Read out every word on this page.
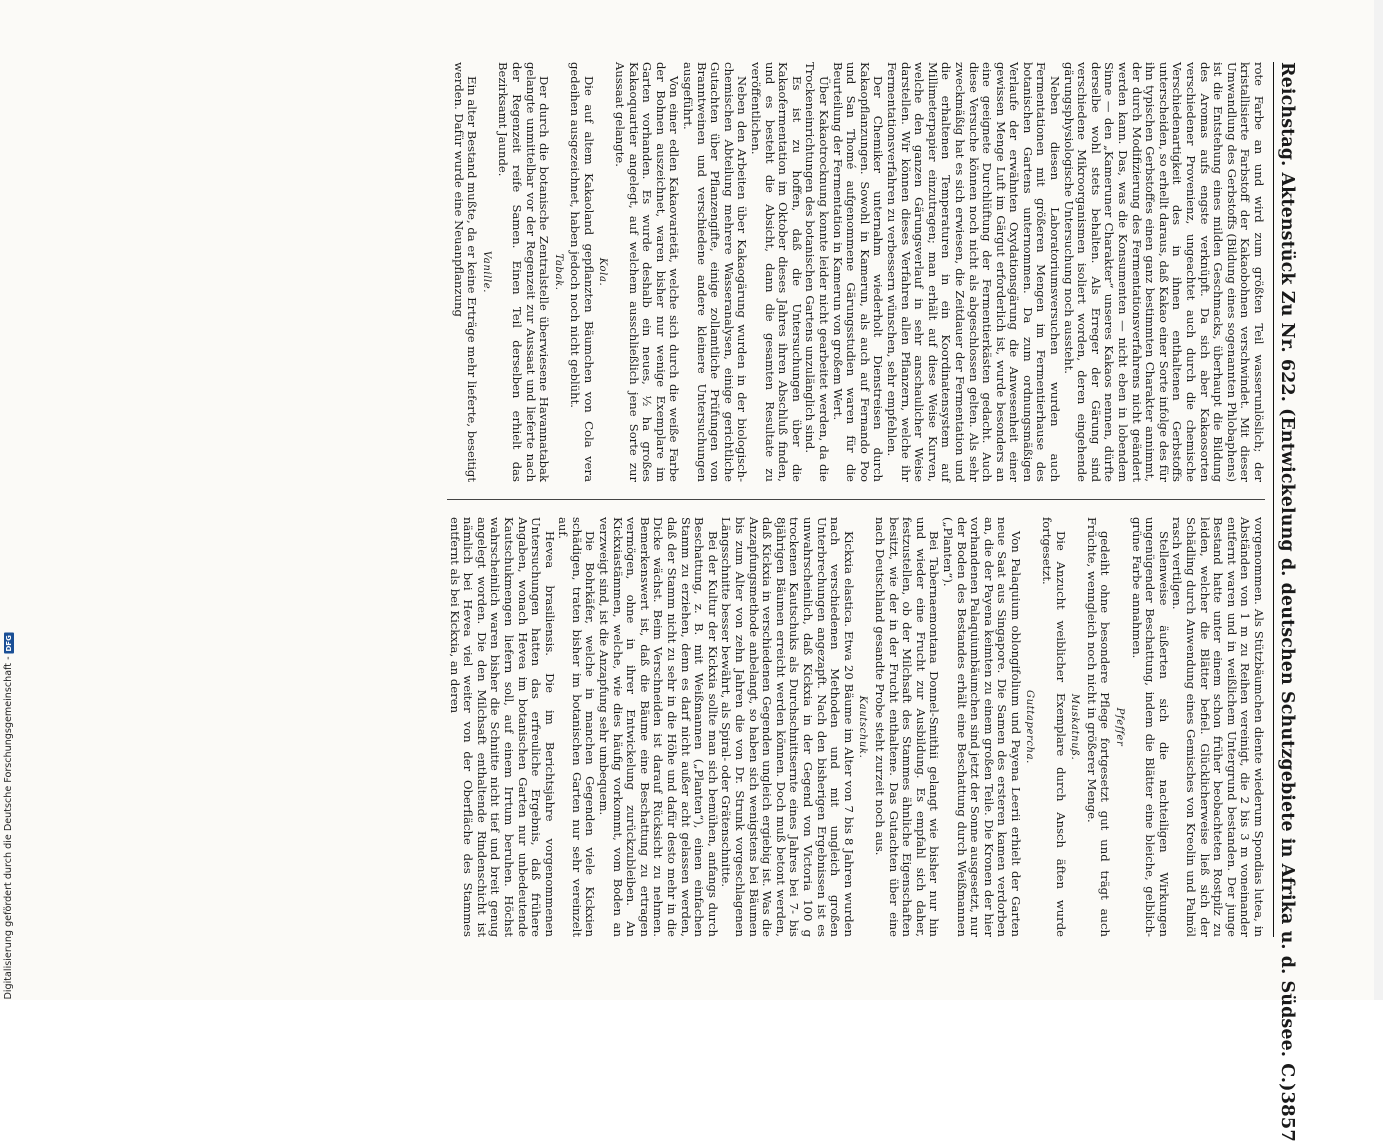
Reichstag. Aktenstück Zu Nr. 622. (Entwickelung d. deutschen Schutzgebiete in Afrika u. d. Südsee. C.)
3857

rote Farbe an und wird zum größten Teil wasserunlöslich; der kristallisierte Farbstoff der Kakaobohnen verschwindet. Mit dieser Umwandlung des Gerbstoffs (Bildung eines sogenannten Phlobaphens) ist die Entstehung eines milden Geschmacks, überhaupt die Bildung des Aromas aufs engste verknüpft. Da sich aber Kakaosorten verschiedener Provenienz, ungeachtet auch durch die chemische Verschiedenartigkeit des in ihnen enthaltenen Gerbstoffs unterscheiden, so erhellt daraus, daß Kakao einer Sorte infolge des für ihn typischen Gerbstoffes einen ganz bestimmten Charakter annimmt, der durch Modifizierung des Fermentationsverfahrens nicht geändert werden kann. Das, was die Konsumenten — nicht eben in lobendem Sinne — den „Kameruner Charakter“ unseres Kakaos nennen, dürfte derselbe wohl stets behalten. Als Erreger der Gärung sind verschiedene Mikroorganismen isoliert worden, deren eingehende gärungsphysiologische Untersuchung noch aussteht.

Neben diesen Laboratoriumsversuchen wurden auch Fermentationen mit größeren Mengen im Fermentierhause des botanischen Gartens unternommen. Da zum ordnungsmäßigen Verlaufe der erwähnten Oxydationsgärung die Anwesenheit einer gewissen Menge Luft im Gärgut erforderlich ist, wurde besonders an eine geeignete Durchlüftung der Fermentierkästen gedacht. Auch diese Versuche können noch nicht als abgeschlossen gelten. Als sehr zweckmäßig hat es sich erwiesen, die Zeitdauer der Fermentation und die erhaltenen Temperaturen in ein Koordinatensystem auf Millimeterpapier einzutragen; man erhält auf diese Weise Kurven, welche den ganzen Gärungsverlauf in sehr anschaulicher Weise darstellen. Wir können dieses Verfahren allen Pflanzern, welche ihr Fermentationsverfahren zu verbessern wünschen, sehr empfehlen.

Der Chemiker unternahm wiederholt Dienstreisen durch Kakaopflanzungen. Sowohl in Kamerun, als auch auf Fernando Poo und San Thomé aufgenommene Gärungsstudien waren für die Beurteilung der Fermentation in Kamerun von großem Wert.

Über Kakaotrocknung konnte leider nicht gearbeitet werden, da die Trockeneinrichtungen des botanischen Gartens unzulänglich sind.

Es ist zu hoffen, daß die Untersuchungen über die Kakaofermentation im Oktober dieses Jahres ihren Abschluß finden, und es besteht die Absicht, dann die gesamten Resultate zu veröffentlichen.

Neben den Arbeiten über Kakaogärung wurden in der biologisch-chemischen Abteilung mehrere Wasseranalysen, einige gerichtliche Gutachten über Pflanzengifte, einige zollamtliche Prüfungen von Branntweinen und verschiedene andere kleinere Untersuchungen ausgeführt.

Von einer edlen Kakaovarietät, welche sich durch die weiße Farbe der Bohnen auszeichnet, waren bisher nur wenige Exemplare im Garten vorhanden. Es wurde deshalb ein neues, ½ ha großes Kakaoquartier angelegt, auf welchem ausschließlich jene Sorte zur Aussaat gelangte.

Kola.

Die auf altem Kakaoland gepflanzten Bäumchen von Cola vera gedeihen ausgezeichnet, haben jedoch noch nicht geblüht.

Tabak.

Der durch die botanische Zentralstelle überwiesene Havannatabak gelangte unmittelbar vor der Regenzeit zur Aussaat und lieferte nach der Regenzeit reife Samen. Einen Teil derselben erhielt das Bezirksamt Jaunde.

Vanille.

Ein alter Bestand mußte, da er keine Erträge mehr lieferte, beseitigt werden. Dafür wurde eine Neuanpflanzung

vorgenommen. Als Stützbäumchen diente wiederum Spondias lutea, in Abständen von 1 m zu Reihen vereinigt, die 2 bis 3 m voneinander entfernt waren und in weißlichem Untergrund bestanden. Der junge Bestand hatte unter einem schon früher beobachteten Rostpilz zu leiden, welcher die Blätter befiel. Glücklicherweise ließ sich der Schädling durch Anwendung eines Gemisches von Kreolin und Palmöl rasch vertilgen.

Stellenweise äußerten sich die nachteiligen Wirkungen ungenügender Beschattung, indem die Blätter eine bleiche, gelblich-grüne Farbe annahmen.

Pfeffer

gedeiht ohne besondere Pflege fortgesetzt gut und trägt auch Früchte, wenngleich noch nicht in größerer Menge.

Muskatnuß.

Die Anzucht weiblicher Exemplare durch Ansch äften wurde fortgesetzt.

Guttapercha.

Von Palaquium oblongifolium und Payena Leerii erhielt der Garten neue Saat aus Singapore. Die Samen des ersteren kamen verdorben an, die der Payena keimten zu einem großen Teile. Die Kronen der hier vorhandenen Palaquiumbäumchen sind jetzt der Sonne ausgesetzt, nur der Boden des Bestandes erhält eine Beschattung durch Weißmannen („Planten“).

Bei Tabernaemontana Donnel-Smithii gelangt wie bisher nur hin und wieder eine Frucht zur Ausbildung. Es empfahl sich daher, festzustellen, ob der Milchsaft des Stammes ähnliche Eigenschaften besitzt, wie der in der Frucht enthaltene. Das Gutachten über eine nach Deutschland gesandte Probe steht zurzeit noch aus.

Kautschuk.

Kickxia elastica. Etwa 20 Bäume im Alter von 7 bis 8 Jahren wurden nach verschiedenen Methoden und mit ungleich großen Unterbrechungen angezapft. Nach den bisherigen Ergebnissen ist es unwahrscheinlich, daß Kickxia in der Gegend von Victoria 100 g trockenen Kautschuks als Durchschnittsernte eines Jahres bei 7- bis 8jährigen Bäumen erreicht werden können. Doch muß betont werden, daß Kickxia in verschiedenen Gegenden ungleich ergiebig ist. Was die Anzapfungsmethode anbelangt, so haben sich wenigstens bei Bäumen bis zum Alter von zehn Jahren die von Dr. Strunk vorgeschlagenen Längsschnitte besser bewährt, als Spiral- oder Grätenschnitte.

Bei der Kultur der Kickxia sollte man sich bemühen, anfangs durch Beschattung, z. B. mit Weißmannen („Planten“), einen einfachen Stamm zu erziehen, denn es darf nicht außer acht gelassen werden, daß der Stamm nicht zu sehr in die Höhe und dafür desto mehr in die Dicke wächst. Beim Verschneiden ist darauf Rücksicht zu nehmen. Bemerkenswert ist, daß die Bäume eine Beschattung zu ertragen vermögen, ohne in ihrer Entwickelung zurückzubleiben. An Kickxiastämmen, welche, wie dies häufig vorkommt, vom Boden an verzweigt sind, ist die Anzapfung sehr umbequem.

Die Bohrkäfer, welche in manchen Gegenden viele Kickxien schädigen, traten bisher im botanischen Garten nur sehr vereinzelt auf.

Hevea brasiliensis. Die im Berichtsjahre vorgenommenen Untersuchungen hatten das erfreuliche Ergebnis, daß frühere Angaben, wonach Hevea im botanischen Garten nur unbedeutende Kautschukmengen liefern soll, auf einem Irrtum beruhen. Höchst wahrscheinlich waren bisher die Schnitte nicht tief und breit genug angelegt worden. Die den Milchsaft enthaltende Rindenschicht ist nämlich bei Hevea viel weiter von der Oberfläche des Stammes entfernt als bei Kickxia, an deren

Digitalisierung gefördert durch die Deutsche Forschungsgemeinschaft - DFG
